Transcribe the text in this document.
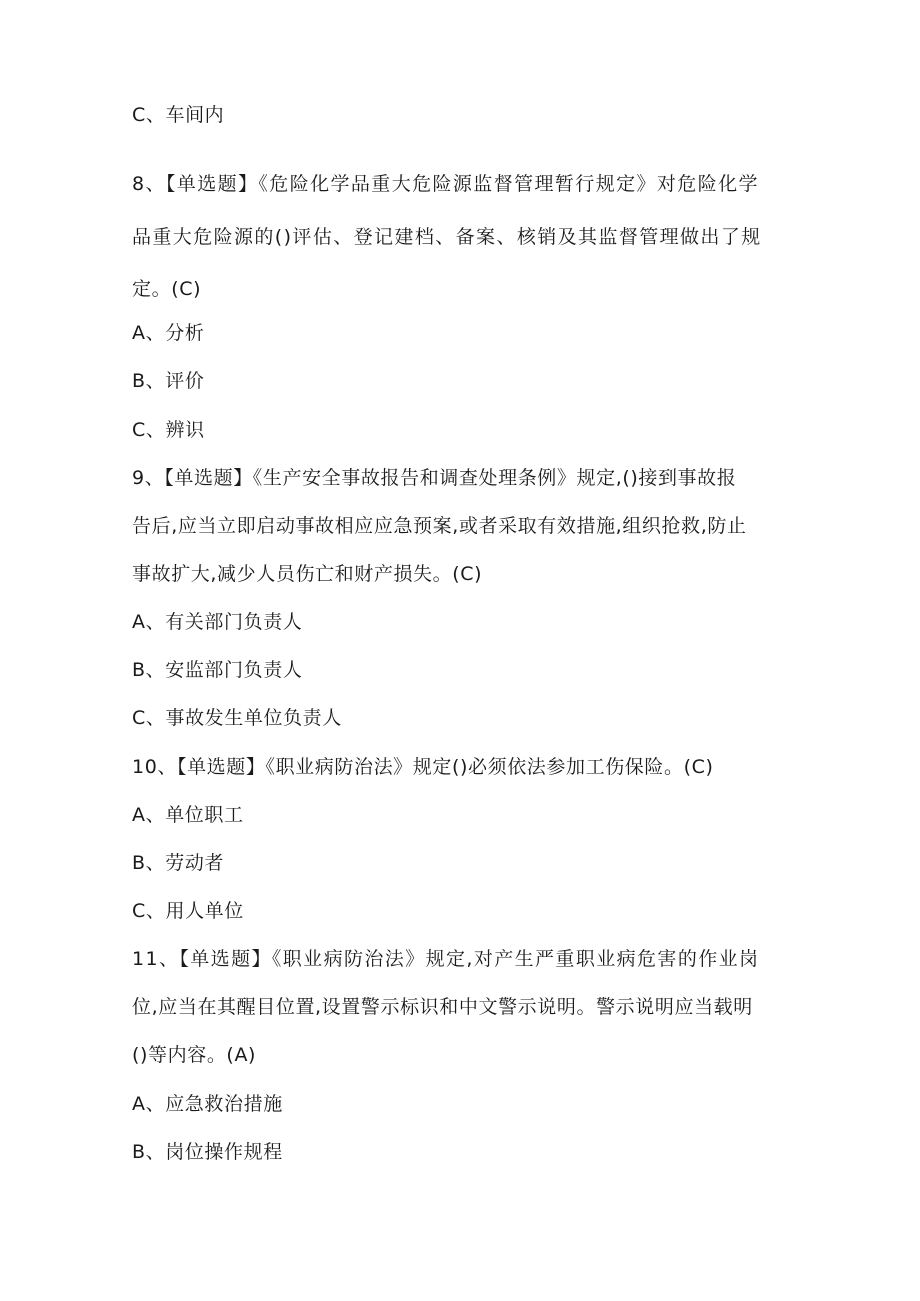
C、车间内
8、【单选题】《危险化学品重大危险源监督管理暂行规定》对危险化学
品重大危险源的()评估、登记建档、备案、核销及其监督管理做出了规
定。(C)
A、分析
B、评价
C、辨识
9、【单选题】《生产安全事故报告和调查处理条例》规定,()接到事故报
告后,应当立即启动事故相应应急预案,或者采取有效措施,组织抢救,防止
事故扩大,减少人员伤亡和财产损失。(C)
A、有关部门负责人
B、安监部门负责人
C、事故发生单位负责人
10、【单选题】《职业病防治法》规定()必须依法参加工伤保险。(C)
A、单位职工
B、劳动者
C、用人单位
11、【单选题】《职业病防治法》规定,对产生严重职业病危害的作业岗
位,应当在其醒目位置,设置警示标识和中文警示说明。警示说明应当载明
()等内容。(A)
A、应急救治措施
B、岗位操作规程
